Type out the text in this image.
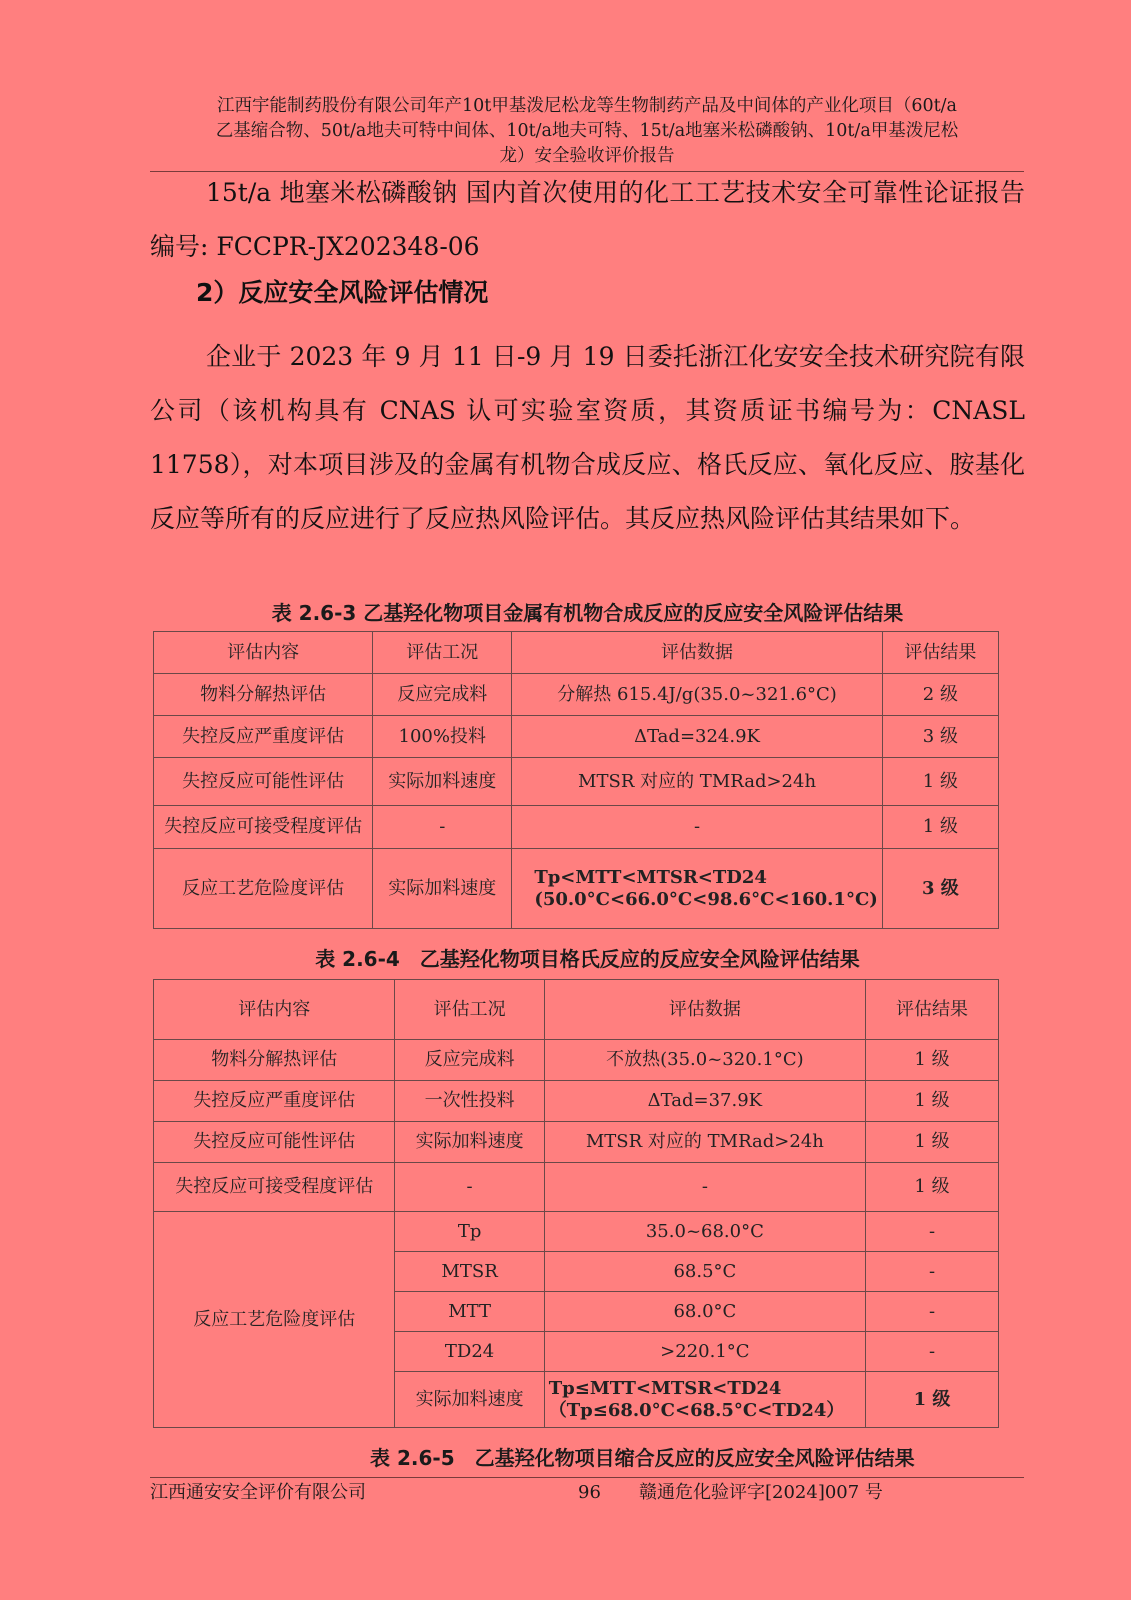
江西宇能制药股份有限公司年产10t甲基泼尼松龙等生物制药产品及中间体的产业化项目（60t/a
乙基缩合物、50t/a地夫可特中间体、10t/a地夫可特、15t/a地塞米松磷酸钠、10t/a甲基泼尼松
龙）安全验收评价报告

15t/a 地塞米松磷酸钠 国内首次使用的化工工艺技术安全可靠性论证报告 编号: FCCPR-JX202348-06

2）反应安全风险评估情况

企业于 2023 年 9 月 11 日-9 月 19 日委托浙江化安安全技术研究院有限公司（该机构具有 CNAS 认可实验室资质，其资质证书编号为：CNASL 11758），对本项目涉及的金属有机物合成反应、格氏反应、氧化反应、胺基化反应等所有的反应进行了反应热风险评估。其反应热风险评估其结果如下。

表 2.6-3 乙基羟化物项目金属有机物合成反应的反应安全风险评估结果
评估内容	评估工况	评估数据	评估结果
物料分解热评估	反应完成料	分解热 615.4J/g(35.0~321.6°C)	2 级
失控反应严重度评估	100%投料	ΔTad=324.9K	3 级
失控反应可能性评估	实际加料速度	MTSR 对应的 TMRad>24h	1 级
失控反应可接受程度评估	-	-	1 级
反应工艺危险度评估	实际加料速度	Tp<MTT<MTSR<TD24 (50.0°C<66.0°C<98.6°C<160.1°C)	3 级
表 2.6-4　乙基羟化物项目格氏反应的反应安全风险评估结果
评估内容	评估工况	评估数据	评估结果
物料分解热评估	反应完成料	不放热(35.0~320.1°C)	1 级
失控反应严重度评估	一次性投料	ΔTad=37.9K	1 级
失控反应可能性评估	实际加料速度	MTSR 对应的 TMRad>24h	1 级
失控反应可接受程度评估	-	-	1 级
反应工艺危险度评估	Tp	35.0~68.0°C	-
	MTSR	68.5°C	-
	MTT	68.0°C	-
	TD24	>220.1°C	-
	实际加料速度	Tp≤MTT<MTSR<TD24（Tp≤68.0°C<68.5°C<TD24）	1 级
表 2.6-5　乙基羟化物项目缩合反应的反应安全风险评估结果
江西通安安全评价有限公司	96 赣通危化验评字[2024]007 号
